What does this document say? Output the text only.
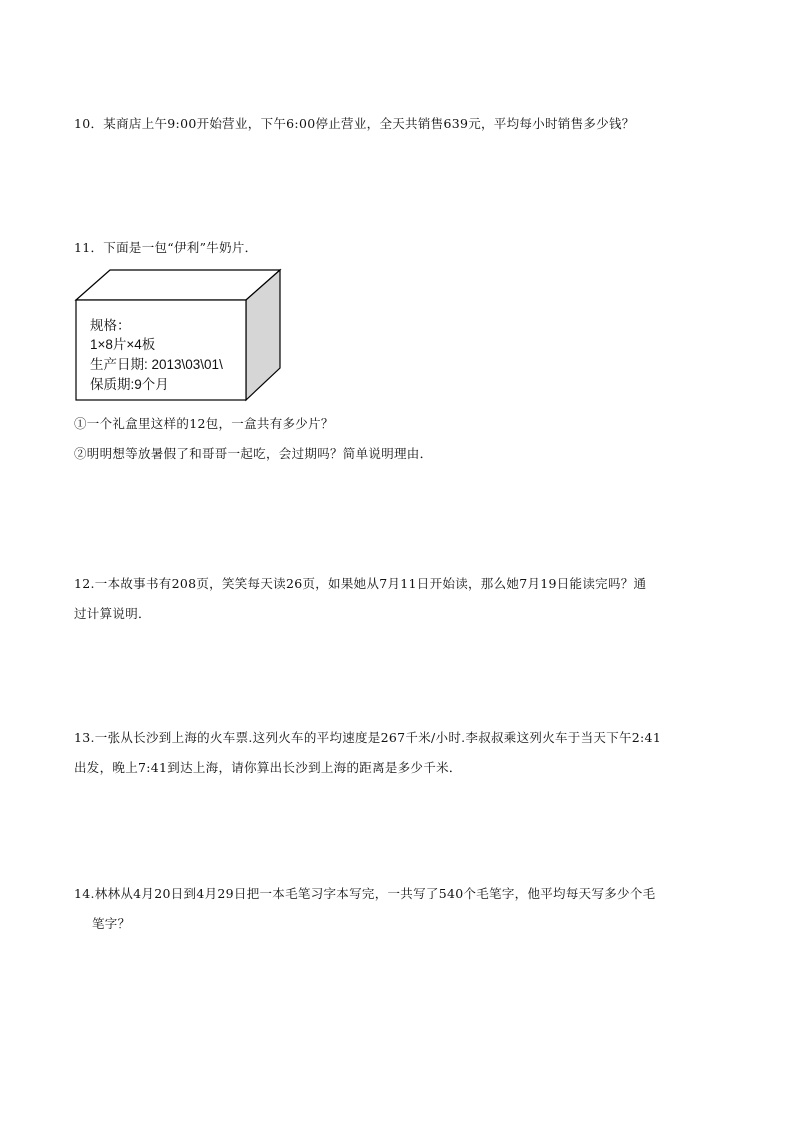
10．某商店上午9:00开始营业，下午6:00停止营业，全天共销售639元，平均每小时销售多少钱？
11．下面是一包“伊利”牛奶片．
规格：
1×8片×4板
生产日期: 2013\03\01\
保质期:9个月
①一个礼盒里这样的12包，一盒共有多少片？
②明明想等放暑假了和哥哥一起吃，会过期吗？简单说明理由．
12.一本故事书有208页，笑笑每天读26页，如果她从7月11日开始读，那么她7月19日能读完吗？通
过计算说明．
13.一张从长沙到上海的火车票.这列火车的平均速度是267千米/小时.李叔叔乘这列火车于当天下午2:41
出发，晚上7:41到达上海，请你算出长沙到上海的距离是多少千米．
14.林林从4月20日到4月29日把一本毛笔习字本写完，一共写了540个毛笔字，他平均每天写多少个毛
笔字？
